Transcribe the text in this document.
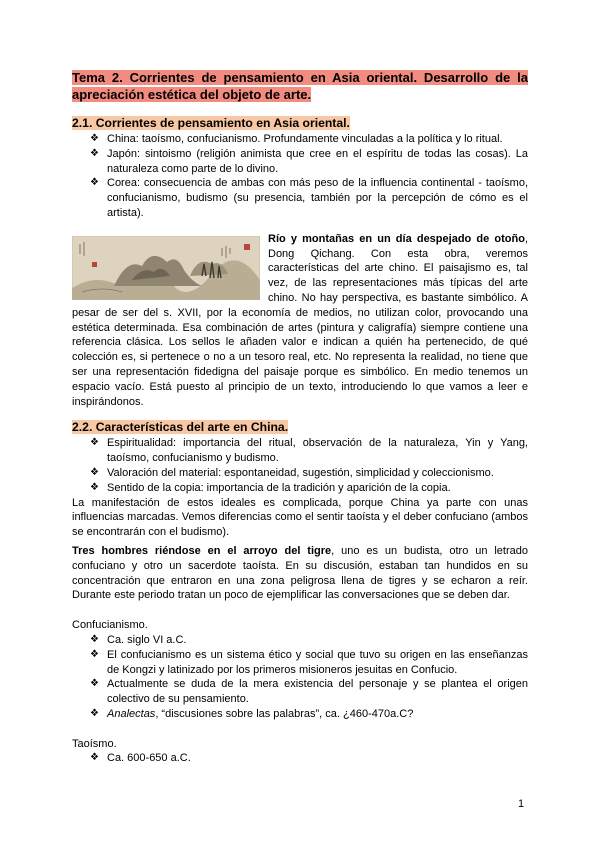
Tema 2. Corrientes de pensamiento en Asia oriental. Desarrollo de la apreciación estética del objeto de arte.

2.1. Corrientes de pensamiento en Asia oriental.
❖ China: taoísmo, confucianismo. Profundamente vinculadas a la política y lo ritual.
❖ Japón: sintoismo (religión animista que cree en el espíritu de todas las cosas). La naturaleza como parte de lo divino.
❖ Corea: consecuencia de ambas con más peso de la influencia continental - taoísmo, confucianismo, budismo (su presencia, también por la percepción de cómo es el artista).

Río y montañas en un día despejado de otoño, Dong Qichang. Con esta obra, veremos características del arte chino. El paisajismo es, tal vez, de las representaciones más típicas del arte chino. No hay perspectiva, es bastante simbólico. A pesar de ser del s. XVII, por la economía de medios, no utilizan color, provocando una estética determinada. Esa combinación de artes (pintura y caligrafía) siempre contiene una referencia clásica. Los sellos le añaden valor e indican a quién ha pertenecido, de qué colección es, si pertenece o no a un tesoro real, etc. No representa la realidad, no tiene que ser una representación fidedigna del paisaje porque es simbólico. En medio tenemos un espacio vacío. Está puesto al principio de un texto, introduciendo lo que vamos a leer e inspirándonos.

2.2. Características del arte en China.
❖ Espiritualidad: importancia del ritual, observación de la naturaleza, Yin y Yang, taoísmo, confucianismo y budismo.
❖ Valoración del material: espontaneidad, sugestión, simplicidad y coleccionismo.
❖ Sentido de la copia: importancia de la tradición y aparición de la copia.

La manifestación de estos ideales es complicada, porque China ya parte con unas influencias marcadas. Vemos diferencias como el sentir taoísta y el deber confuciano (ambos se encontrarán con el budismo).

Tres hombres riéndose en el arroyo del tigre, uno es un budista, otro un letrado confuciano y otro un sacerdote taoísta. En su discusión, estaban tan hundidos en su concentración que entraron en una zona peligrosa llena de tigres y se echaron a reír. Durante este periodo tratan un poco de ejemplificar las conversaciones que se deben dar.

Confucianismo.

❖ Ca. siglo VI a.C.
❖ El confucianismo es un sistema ético y social que tuvo su origen en las enseñanzas de Kongzi y latinizado por los primeros misioneros jesuitas en Confucio.
❖ Actualmente se duda de la mera existencia del personaje y se plantea el origen colectivo de su pensamiento.
❖ Analectas, “discusiones sobre las palabras”, ca. ¿460-470a.C?

Taoísmo.

❖ Ca. 600-650 a.C.
1
